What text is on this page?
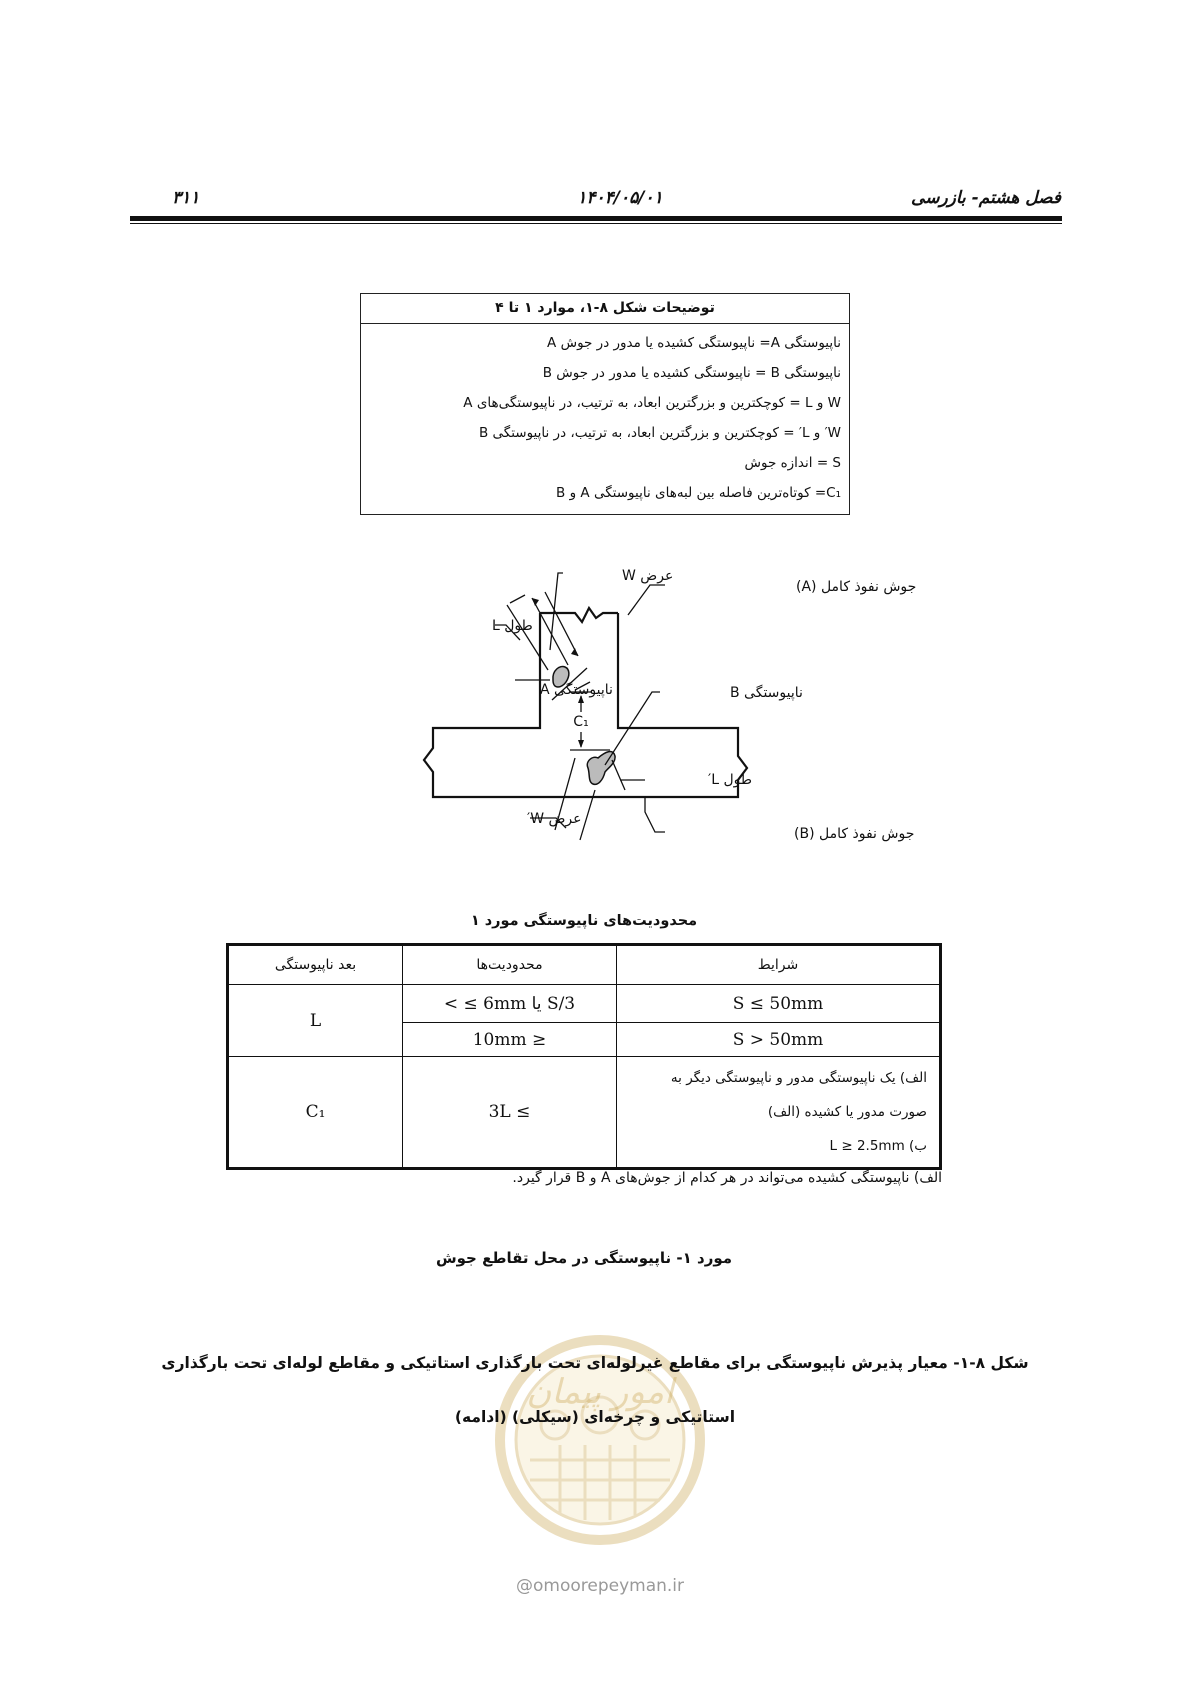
۳۱۱	۱۴۰۴/۰۵/۰۱	فصل هشتم- بازرسی
توضیحات شکل ۸-۱، موارد ۱ تا ۴
ناپیوستگی A= ناپیوستگی کشیده یا مدور در جوش A
ناپیوستگی B = ناپیوستگی کشیده یا مدور در جوش B
W و L = کوچکترین و بزرگترین ابعاد، به ترتیب، در ناپیوستگی‌های A
W′ و L′ = کوچکترین و بزرگترین ابعاد، به ترتیب، در ناپیوستگی B
S = اندازه جوش
C₁= کوتاه‌ترین فاصله بین لبه‌های ناپیوستگی A و B
عرض W
جوش نفوذ کامل (A)
طول L
ناپیوستگی A	ناپیوستگی B
C₁
طول L′
عرض W′
جوش نفوذ کامل (B)
محدودیت‌های ناپیوستگی مورد ۱
شرایط	محدودیت‌ها	بعد ناپیوستگی
S ≤ 50mm	S/3 یا 6mm ≥ >	L
S > 50mm	≤ 10mm	

الف) یک ناپیوستگی مدور و ناپیوستگی دیگر به
صورت مدور یا کشیده (الف)
ب) L ≥ 2.5mm	≥ 3L	C₁
الف) ناپیوستگی کشیده می‌تواند در هر کدام از جوش‌های A و B قرار گیرد.
مورد ۱- ناپیوستگی در محل تقاطع جوش
امور پیمان
@omoorepeyman.ir
شکل ۸-۱- معیار پذیرش ناپیوستگی برای مقاطع غیرلوله‌ای تحت بارگذاری استاتیکی و مقاطع لوله‌ای تحت بارگذاری
استاتیکی و چرخه‌ای (سیکلی) (ادامه)
